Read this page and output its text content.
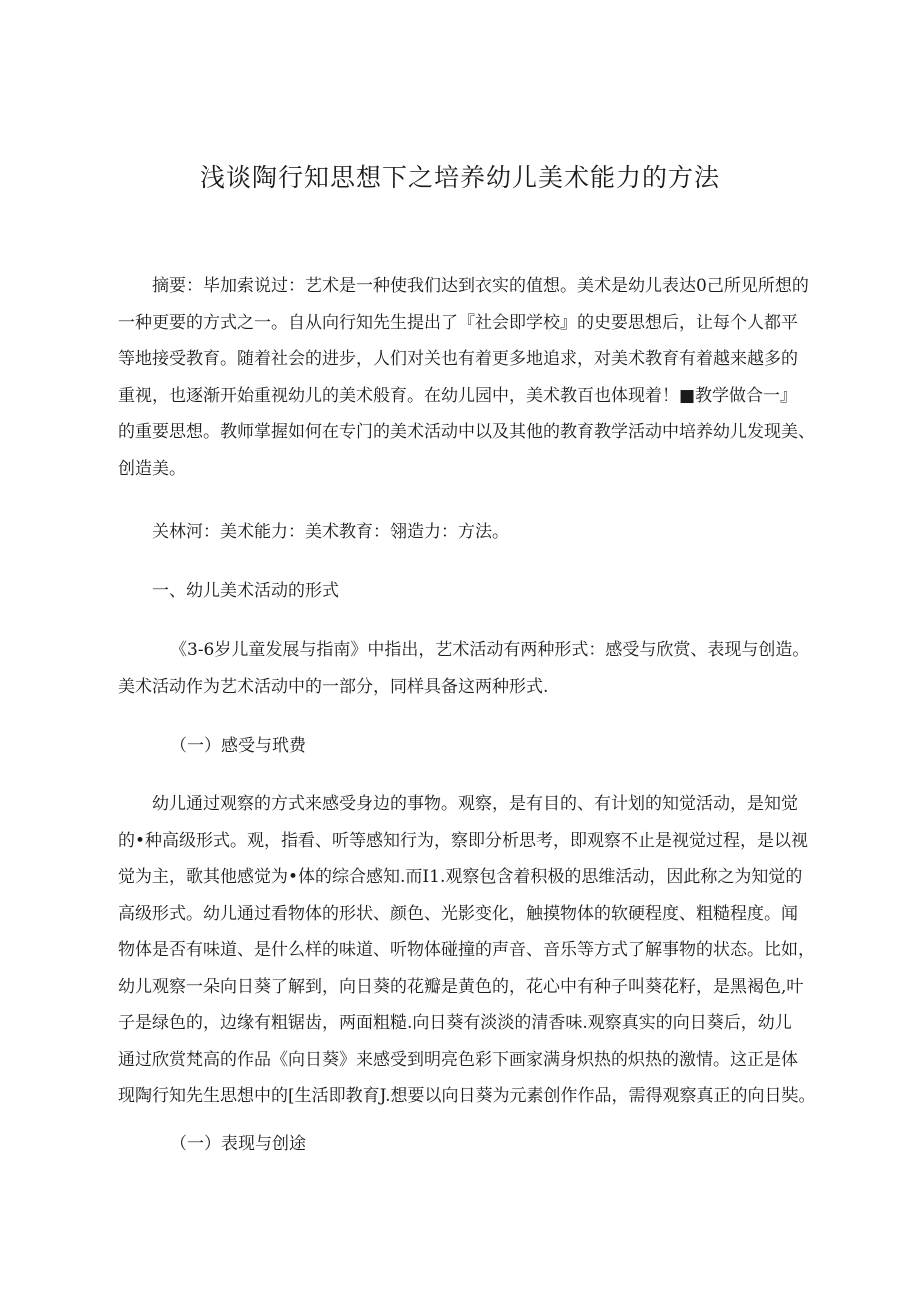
浅谈陶行知思想下之培养幼儿美术能力的方法
摘要：毕加索说过：艺术是一种使我们达到衣实的值想。美术是幼儿表达0己所见所想的
一种更要的方式之一。自从向行知先生提出了『社会即学校』的史要思想后，让每个人都平
等地接受教育。随着社会的进步，人们对关也有着更多地追求，对美术教育有着越来越多的
重视，也逐渐开始重视幼儿的美术般育。在幼儿园中，美术教百也体现着！■教学做合一』
的重要思想。教师掌握如何在专门的美术活动中以及其他的教育教学活动中培养幼儿发现美、
创造美。
关林河：美术能力：美术教育：翎造力：方法。
一、幼儿美术活动的形式
《3-6岁儿童发展与指南》中指出，艺术活动有两种形式：感受与欣赏、表现与创造。
美术活动作为艺术活动中的一部分，同样具备这两种形式.
（一）感受与玳费
幼儿通过观察的方式来感受身边的事物。观察，是有目的、有计划的知觉活动，是知觉
的•种高级形式。观，指看、听等感知行为，察即分析思考，即观察不止是视觉过程，是以视
觉为主，歌其他感觉为•体的综合感知.而I1.观察包含着积极的思维活动，因此称之为知觉的
高级形式。幼儿通过看物体的形状、颜色、光影变化，触摸物体的软硬程度、粗糙程度。闻
物体是否有味道、是什么样的味道、听物体碰撞的声音、音乐等方式了解事物的状态。比如，
幼儿观察一朵向日葵了解到，向日葵的花瓣是黄色的，花心中有种子叫葵花籽，是黑褐色,叶
子是绿色的，边缘有粗锯齿，两面粗糙.向日葵有淡淡的清香味.观察真实的向日葵后，幼儿
通过欣赏梵高的作品《向日葵》来感受到明亮色彩下画家满身炽热的炽热的激情。这正是体
现陶行知先生思想中的[生活即教育J.想要以向日葵为元素创作作品，需得观察真正的向日奘。
（一）表现与创途
